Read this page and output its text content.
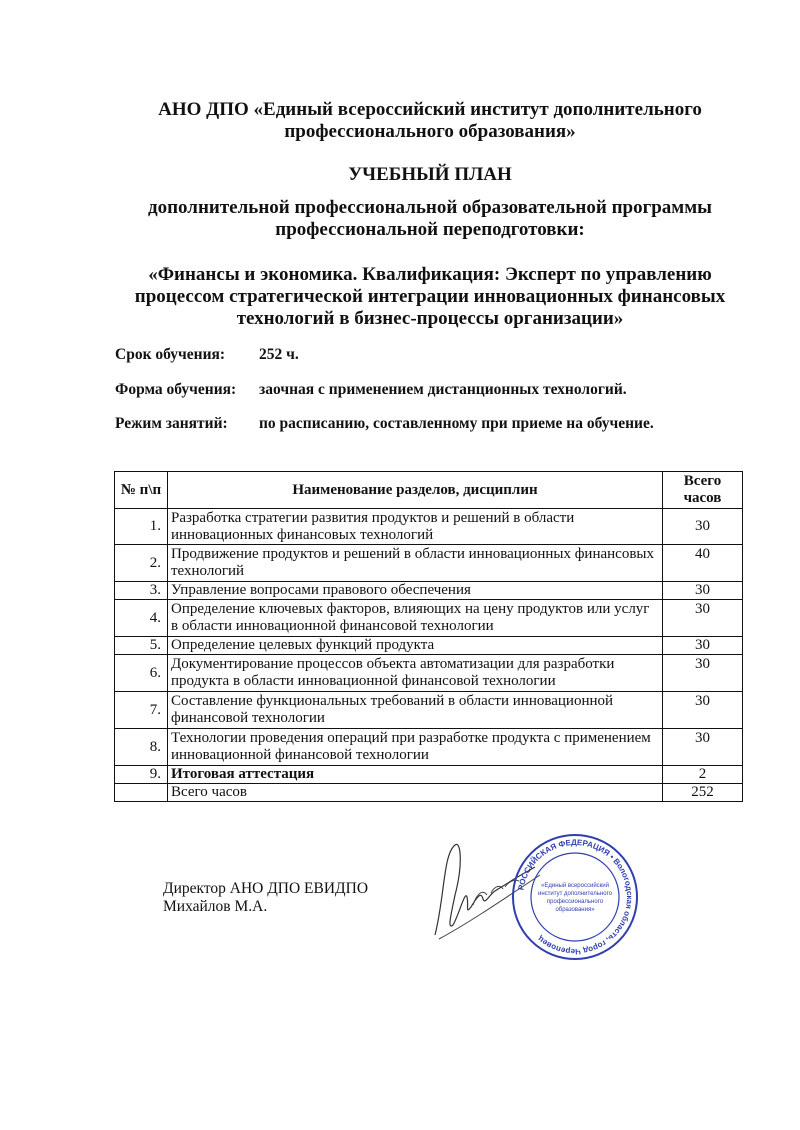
АНО ДПО «Единый всероссийский институт дополнительного
профессионального образования»
УЧЕБНЫЙ ПЛАН
дополнительной профессиональной образовательной программы
профессиональной переподготовки:
«Финансы и экономика. Квалификация: Эксперт по управлению
процессом стратегической интеграции инновационных финансовых
технологий в бизнес-процессы организации»
Срок обучения: 252 ч.
Форма обучения: заочная с применением дистанционных технологий.
Режим занятий: по расписанию, составленному при приеме на обучение.
№ п\п	Наименование разделов, дисциплин	Всего
часов

1.	Разработка стратегии развития продуктов и решений в области инновационных финансовых технологий	30
2.	Продвижение продуктов и решений в области инновационных финансовых технологий	40
3.	Управление вопросами правового обеспечения	30
4.	Определение ключевых факторов, влияющих на цену продуктов или услуг в области инновационной финансовой технологии	30
5.	Определение целевых функций продукта	30
6.	Документирование процессов объекта автоматизации для разработки продукта в области инновационной финансовой технологии	30
7.	Составление функциональных требований в области инновационной финансовой технологии	30
8.	Технологии проведения операций при разработке продукта с применением инновационной финансовой технологии	30
9.	Итоговая аттестация	2
	Всего часов	252
Директор АНО ДПО ЕВИДПО
Михайлов М.А.
РОССИЙСКАЯ ФЕДЕРАЦИЯ • Вологодская область, город Череповец
«Единый всероссийский
институт дополнительного
профессионального
образования»
